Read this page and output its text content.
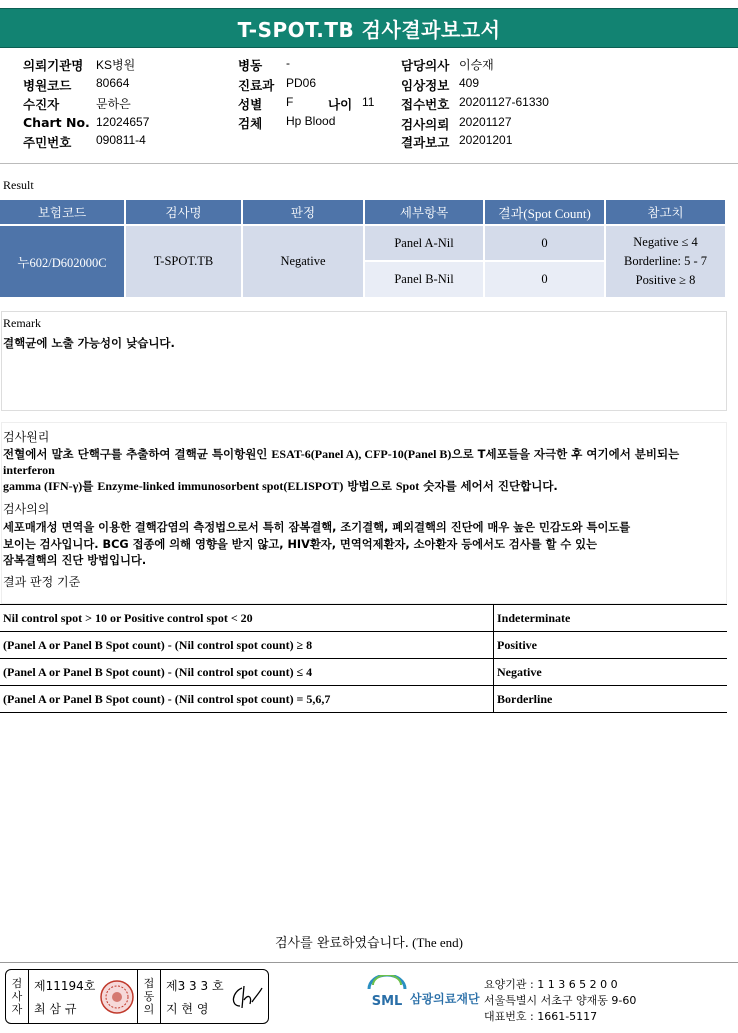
T-SPOT.TB 검사결과보고서
의뢰기관명 KS병원
병원코드 80664
수진자	문하은
Chart No. 12024657
주민번호 090811-4
병동 -
진료과 PD06
성별 F	나이 11
검체 Hp Blood
담당의사 이승재
임상정보 409
접수번호 20201127-61330
검사의뢰 20201127
결과보고 20201201
Result
보험코드	검사명	판정	세부항목	결과(Spot Count)	참고치
누602/D602000C	T-SPOT.TB	Negative
Panel A-Nil	0
Panel B-Nil	0
Negative ≤ 4
Borderline: 5 - 7
Positive ≥ 8
Remark
결핵균에 노출 가능성이 낮습니다.
검사원리
전혈에서 말초 단핵구를 추출하여 결핵균 특이항원인 ESAT-6(Panel A), CFP-10(Panel B)으로 T세포들을 자극한 후 여기에서 분비되는
interferon
gamma (IFN-γ)를 Enzyme-linked immunosorbent spot(ELISPOT) 방법으로 Spot 숫자를 세어서 진단합니다.
검사의의
세포매개성 면역을 이용한 결핵감염의 측정법으로서 특히 잠복결핵, 조기결핵, 폐외결핵의 진단에 매우 높은 민감도와 특이도를
보이는 검사입니다. BCG 접종에 의해 영향을 받지 않고, HIV환자, 면역억제환자, 소아환자 등에서도 검사를 할 수 있는
잠복결핵의 진단 방법입니다.
결과 판정 기준
Nil control spot > 10 or Positive control spot < 20	Indeterminate
(Panel A or Panel B Spot count) - (Nil control spot count) ≥ 8	Positive
(Panel A or Panel B Spot count) - (Nil control spot count) ≤ 4	Negative
(Panel A or Panel B Spot count) - (Nil control spot count) = 5,6,7	Borderline
검사를 완료하였습니다. (The end)
검
사
자
제11194호
최 삼 규
접
동
의
제3 3 3 호
지 현 영	SML 삼광의료재단
요양기관 : 1 1 3 6 5 2 0 0
서울특별시 서초구 양재동 9-60
대표번호 : 1661-5117
